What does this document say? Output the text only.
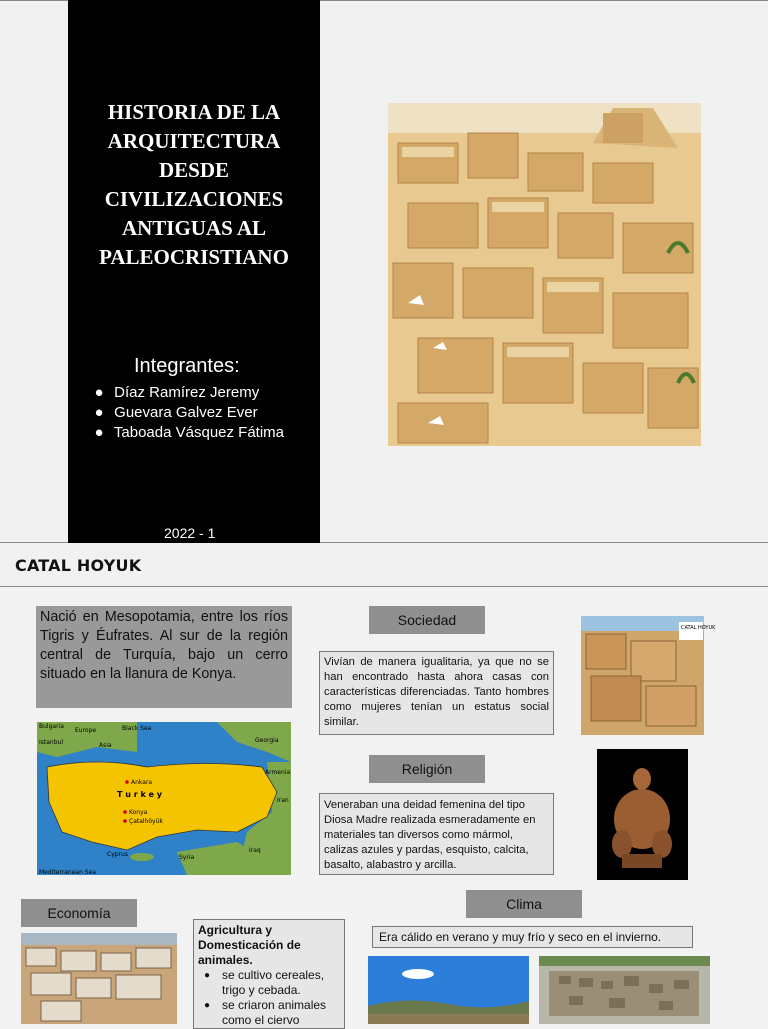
HISTORIA DE LA
ARQUITECTURA
DESDE
CIVILIZACIONES
ANTIGUAS AL
PALEOCRISTIANO
Integrantes:
● Díaz Ramírez Jeremy
● Guevara Galvez Ever
● Taboada Vásquez Fátima
2022 - 1
CATAL HOYUK
Nació en Mesopotamia, entre los ríos Tigris y Éufrates. Al sur de la región central de Turquía, bajo un cerro situado en la llanura de Konya.
Bulgaria
Europe
Istanbul	Asia
Black Sea
Georgia
Armenia
Ankara
T u r k e y
Konya
Çatalhöyük
Iran
Cyprus	Syria
Iraq
Mediterranean Sea
Sociedad
Vivían de manera igualitaria, ya que no se han encontrado hasta ahora casas con características diferenciadas. Tanto hombres como mujeres tenían un estatus social similar.
CATAL HOYUK
Religión
Veneraban una deidad femenina del tipo Diosa Madre realizada esmeradamente en materiales tan diversos como mármol, calizas azules y pardas, esquisto, calcita, basalto, alabastro y arcilla.
Economía

Agricultura y Domesticación de animales.

● se cultivo cereales, trigo y cebada.
● se criaron animales como el ciervo
Clima
Era cálido en verano y muy frío y seco en el invierno.
